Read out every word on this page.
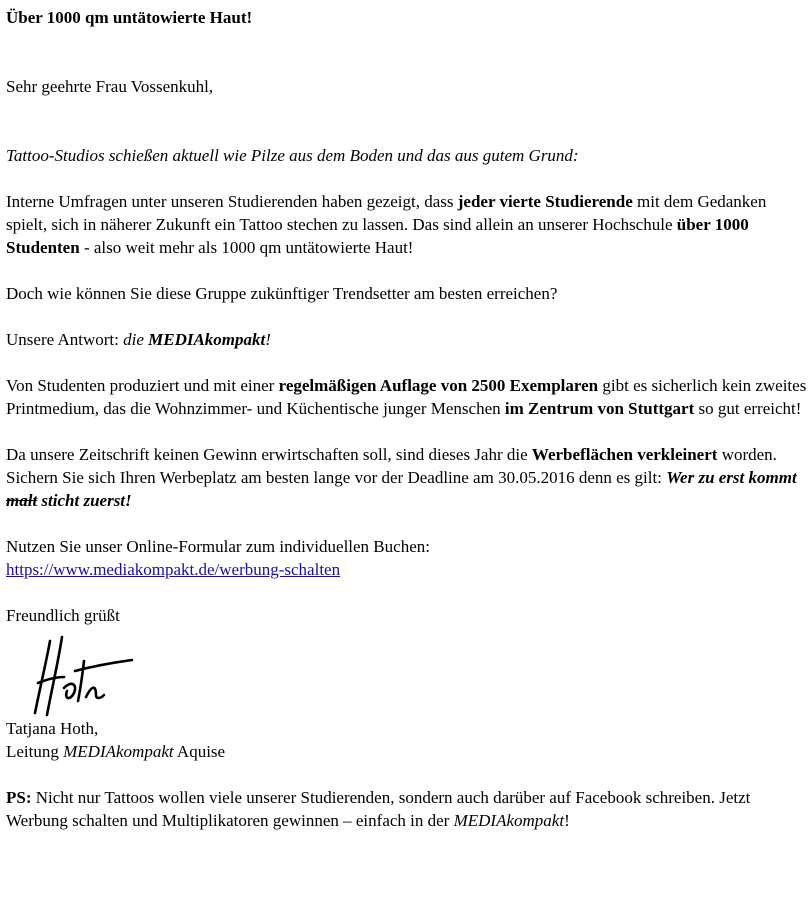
Über 1000 qm untätowierte Haut!

Sehr geehrte Frau Vossenkuhl,

Tattoo-Studios schießen aktuell wie Pilze aus dem Boden und das aus gutem Grund:

Interne Umfragen unter unseren Studierenden haben gezeigt, dass jeder vierte Studierende mit dem Gedanken spielt, sich in näherer Zukunft ein Tattoo stechen zu lassen. Das sind allein an unserer Hochschule über 1000 Studenten - also weit mehr als 1000 qm untätowierte Haut!

Doch wie können Sie diese Gruppe zukünftiger Trendsetter am besten erreichen?

Unsere Antwort: die MEDIAkompakt!

Von Studenten produziert und mit einer regelmäßigen Auflage von 2500 Exemplaren gibt es sicherlich kein zweites Printmedium, das die Wohnzimmer- und Küchentische junger Menschen im Zentrum von Stuttgart so gut erreicht!

Da unsere Zeitschrift keinen Gewinn erwirtschaften soll, sind dieses Jahr die Werbeflächen verkleinert worden. Sichern Sie sich Ihren Werbeplatz am besten lange vor der Deadline am 30.05.2016 denn es gilt: Wer zu erst kommt malt sticht zuerst!

Nutzen Sie unser Online-Formular zum individuellen Buchen:
https://www.mediakompakt.de/werbung-schalten

Freundlich grüßt

Tatjana Hoth,
Leitung MEDIAkompakt Aquise

PS: Nicht nur Tattoos wollen viele unserer Studierenden, sondern auch darüber auf Facebook schreiben. Jetzt Werbung schalten und Multiplikatoren gewinnen – einfach in der MEDIAkompakt!
